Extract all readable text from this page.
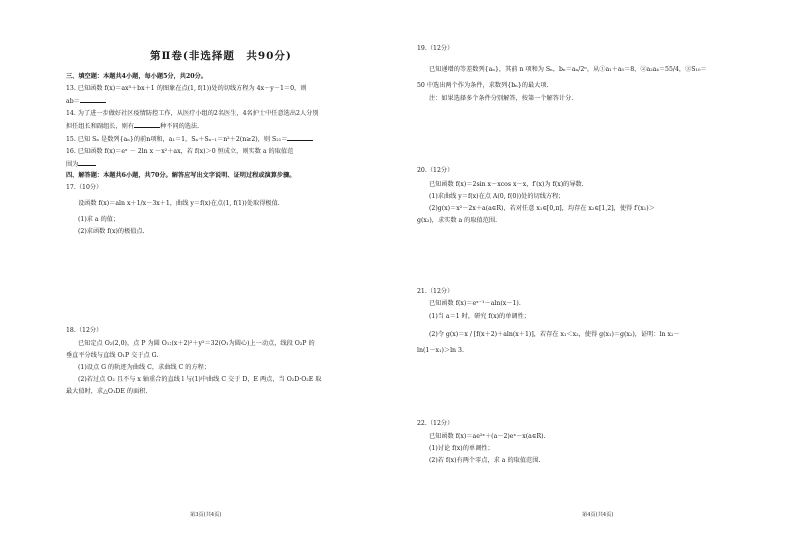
第Ⅱ卷(非选择题　共90分)
三、填空题：本题共4小题，每小题5分，共20分。
13. 已知函数 f(x)＝ax³＋bx＋1 的图象在点(1, f(1))处的切线方程为 4x－y－1＝0，则
ab＝
14. 为了进一步做好社区疫情防控工作，从医疗小组的2名医生，4名护士中任意选出2人分别
担任组长和副组长，则有	种不同的选法.
15. 已知 Sₙ 是数列{aₙ}的前n项和，a₁＝1，Sₙ＋Sₙ₋₁＝n²＋2(n≥2)，则 S₂₁＝
16. 已知函数 f(x)＝eˣ － 2ln x －x²＋ax，若 f(x)＞0 恒成立，则实数 a 的取值范
围为
四、解答题：本题共6小题，共70分。解答应写出文字说明、证明过程或演算步骤。
17.（10分）
设函数 f(x)＝aln x＋1/x－3x＋1，曲线 y＝f(x)在点(1, f(1))处取得极值.
(1)求 a 的值；
(2)求函数 f(x)的极值点.
18.（12分）
已知定点 O₂(2,0)，点 P 为圆 O₁:(x＋2)²＋y²＝32(O₁为圆心)上一动点，线段 O₂P 的
垂直平分线与直线 O₁P 交于点 G.
(1)设点 G 的轨迹为曲线 C，求曲线 C 的方程；
(2)若过点 O₂ 且不与 x 轴重合的直线 l 与(1)中曲线 C 交于 D，E 两点，当 O₂D·O₂E 取
最大值时，求△O₁DE 的面积.
第3页(共4页)
19.（12分）
已知递增的等差数列{aₙ}，其前 n 项和为 Sₙ，bₙ＝aₙ/2ⁿ，从①a₁＋a₅＝8，②a₂a₄＝55/4，③S₁₀＝
50 中选出两个作为条件，求数列{bₙ}的最大项.
注：如果选择多个条件分别解答，按第一个解答计分.
20.（12分）
已知函数 f(x)＝2sin x－xcos x－x，f′(x)为 f(x)的导数.
(1)求曲线 y＝f(x)在点 A(0, f(0))处的切线方程；
(2)g(x)＝x²－2x＋a(a∈R)，若对任意 x₁∈[0,π]，均存在 x₂∈[1,2]，使得 f′(x₁)＞
g(x₂)，求实数 a 的取值范围.
21.（12分）
已知函数 f(x)＝eˣ⁻¹－aln(x－1).
(1)当 a＝1 时，研究 f(x)的单调性；
(2)令 g(x)＝x / [f(x＋2)＋aln(x＋1)]，若存在 x₁＜x₂，使得 g(x₁)＝g(x₂)，证明：ln x₂－
ln(1－x₁)＞ln 3.
22.（12分）
已知函数 f(x)＝ae²ˣ＋(a－2)eˣ－x(a∈R).
(1)讨论 f(x)的单调性；
(2)若 f(x)有两个零点，求 a 的取值范围.
第4页(共4页)
